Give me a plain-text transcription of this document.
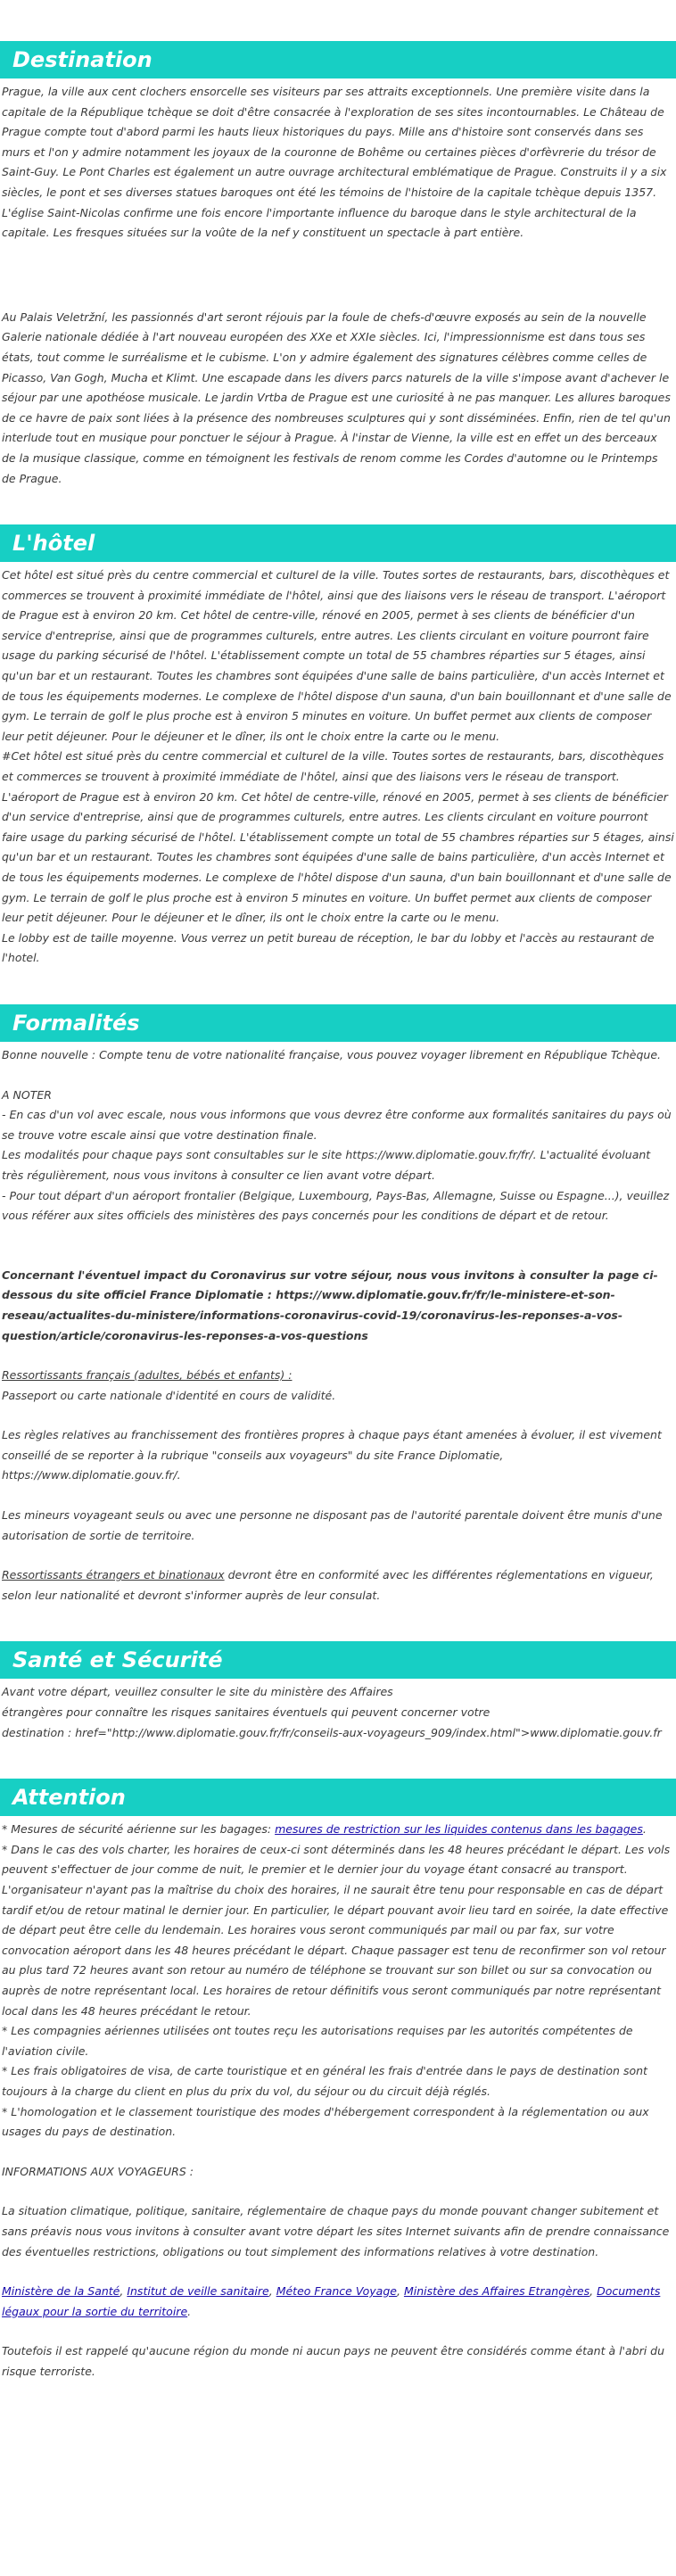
Destination

Prague, la ville aux cent clochers ensorcelle ses visiteurs par ses attraits exceptionnels. Une première visite dans la capitale de la République tchèque se doit d'être consacrée à l'exploration de ses sites incontournables. Le Château de Prague compte tout d'abord parmi les hauts lieux historiques du pays. Mille ans d'histoire sont conservés dans ses murs et l'on y admire notamment les joyaux de la couronne de Bohême ou certaines pièces d'orfèvrerie du trésor de Saint-Guy. Le Pont Charles est également un autre ouvrage architectural emblématique de Prague. Construits il y a six siècles, le pont et ses diverses statues baroques ont été les témoins de l'histoire de la capitale tchèque depuis 1357. L'église Saint-Nicolas confirme une fois encore l'importante influence du baroque dans le style architectural de la capitale. Les fresques situées sur la voûte de la nef y constituent un spectacle à part entière.

Au Palais Veletržní, les passionnés d'art seront réjouis par la foule de chefs-d'œuvre exposés au sein de la nouvelle Galerie nationale dédiée à l'art nouveau européen des XXe et XXIe siècles. Ici, l'impressionnisme est dans tous ses états, tout comme le surréalisme et le cubisme. L'on y admire également des signatures célèbres comme celles de Picasso, Van Gogh, Mucha et Klimt. Une escapade dans les divers parcs naturels de la ville s'impose avant d'achever le séjour par une apothéose musicale. Le jardin Vrtba de Prague est une curiosité à ne pas manquer. Les allures baroques de ce havre de paix sont liées à la présence des nombreuses sculptures qui y sont disséminées. Enfin, rien de tel qu'un interlude tout en musique pour ponctuer le séjour à Prague. À l'instar de Vienne, la ville est en effet un des berceaux de la musique classique, comme en témoignent les festivals de renom comme les Cordes d'automne ou le Printemps de Prague.

L'hôtel

Cet hôtel est situé près du centre commercial et culturel de la ville. Toutes sortes de restaurants, bars, discothèques et commerces se trouvent à proximité immédiate de l'hôtel, ainsi que des liaisons vers le réseau de transport. L'aéroport de Prague est à environ 20 km. Cet hôtel de centre-ville, rénové en 2005, permet à ses clients de bénéficier d'un service d'entreprise, ainsi que de programmes culturels, entre autres. Les clients circulant en voiture pourront faire usage du parking sécurisé de l'hôtel. L'établissement compte un total de 55 chambres réparties sur 5 étages, ainsi qu'un bar et un restaurant. Toutes les chambres sont équipées d'une salle de bains particulière, d'un accès Internet et de tous les équipements modernes. Le complexe de l'hôtel dispose d'un sauna, d'un bain bouillonnant et d'une salle de gym. Le terrain de golf le plus proche est à environ 5 minutes en voiture. Un buffet permet aux clients de composer leur petit déjeuner. Pour le déjeuner et le dîner, ils ont le choix entre la carte ou le menu.

#Cet hôtel est situé près du centre commercial et culturel de la ville. Toutes sortes de restaurants, bars, discothèques et commerces se trouvent à proximité immédiate de l'hôtel, ainsi que des liaisons vers le réseau de transport. L'aéroport de Prague est à environ 20 km. Cet hôtel de centre-ville, rénové en 2005, permet à ses clients de bénéficier d'un service d'entreprise, ainsi que de programmes culturels, entre autres. Les clients circulant en voiture pourront faire usage du parking sécurisé de l'hôtel. L'établissement compte un total de 55 chambres réparties sur 5 étages, ainsi qu'un bar et un restaurant. Toutes les chambres sont équipées d'une salle de bains particulière, d'un accès Internet et de tous les équipements modernes. Le complexe de l'hôtel dispose d'un sauna, d'un bain bouillonnant et d'une salle de gym. Le terrain de golf le plus proche est à environ 5 minutes en voiture. Un buffet permet aux clients de composer leur petit déjeuner. Pour le déjeuner et le dîner, ils ont le choix entre la carte ou le menu.

Le lobby est de taille moyenne. Vous verrez un petit bureau de réception, le bar du lobby et l'accès au restaurant de l'hotel.

Formalités

Bonne nouvelle : Compte tenu de votre nationalité française, vous pouvez voyager librement en République Tchèque.

A NOTER

- En cas d'un vol avec escale, nous vous informons que vous devrez être conforme aux formalités sanitaires du pays où se trouve votre escale ainsi que votre destination finale.

Les modalités pour chaque pays sont consultables sur le site https://www.diplomatie.gouv.fr/fr/. L'actualité évoluant très régulièrement, nous vous invitons à consulter ce lien avant votre départ.

- Pour tout départ d'un aéroport frontalier (Belgique, Luxembourg, Pays-Bas, Allemagne, Suisse ou Espagne...), veuillez vous référer aux sites officiels des ministères des pays concernés pour les conditions de départ et de retour.

Concernant l'éventuel impact du Coronavirus sur votre séjour, nous vous invitons à consulter la page ci-dessous du site officiel France Diplomatie : https://www.diplomatie.gouv.fr/fr/le-ministere-et-son-reseau/actualites-du-ministere/informations-coronavirus-covid-19/coronavirus-les-reponses-a-vos-question/article/coronavirus-les-reponses-a-vos-questions

Ressortissants français (adultes, bébés et enfants) :

Passeport ou carte nationale d'identité en cours de validité.

Les règles relatives au franchissement des frontières propres à chaque pays étant amenées à évoluer, il est vivement conseillé de se reporter à la rubrique "conseils aux voyageurs" du site France Diplomatie, https://www.diplomatie.gouv.fr/.

Les mineurs voyageant seuls ou avec une personne ne disposant pas de l'autorité parentale doivent être munis d'une autorisation de sortie de territoire.

Ressortissants étrangers et binationaux devront être en conformité avec les différentes réglementations en vigueur, selon leur nationalité et devront s'informer auprès de leur consulat.

Santé et Sécurité

Avant votre départ, veuillez consulter le site du ministère des Affaires

étrangères pour connaître les risques sanitaires éventuels qui peuvent concerner votre

destination : href="http://www.diplomatie.gouv.fr/fr/conseils-aux-voyageurs_909/index.html">www.diplomatie.gouv.fr

Attention

* Mesures de sécurité aérienne sur les bagages: mesures de restriction sur les liquides contenus dans les bagages.

* Dans le cas des vols charter, les horaires de ceux-ci sont déterminés dans les 48 heures précédant le départ. Les vols peuvent s'effectuer de jour comme de nuit, le premier et le dernier jour du voyage étant consacré au transport. L'organisateur n'ayant pas la maîtrise du choix des horaires, il ne saurait être tenu pour responsable en cas de départ tardif et/ou de retour matinal le dernier jour. En particulier, le départ pouvant avoir lieu tard en soirée, la date effective de départ peut être celle du lendemain. Les horaires vous seront communiqués par mail ou par fax, sur votre convocation aéroport dans les 48 heures précédant le départ. Chaque passager est tenu de reconfirmer son vol retour au plus tard 72 heures avant son retour au numéro de téléphone se trouvant sur son billet ou sur sa convocation ou auprès de notre représentant local. Les horaires de retour définitifs vous seront communiqués par notre représentant local dans les 48 heures précédant le retour.

* Les compagnies aériennes utilisées ont toutes reçu les autorisations requises par les autorités compétentes de l'aviation civile.

* Les frais obligatoires de visa, de carte touristique et en général les frais d'entrée dans le pays de destination sont toujours à la charge du client en plus du prix du vol, du séjour ou du circuit déjà réglés.

* L'homologation et le classement touristique des modes d'hébergement correspondent à la réglementation ou aux usages du pays de destination.

INFORMATIONS AUX VOYAGEURS :

La situation climatique, politique, sanitaire, réglementaire de chaque pays du monde pouvant changer subitement et sans préavis nous vous invitons à consulter avant votre départ les sites Internet suivants afin de prendre connaissance des éventuelles restrictions, obligations ou tout simplement des informations relatives à votre destination.

Ministère de la Santé, Institut de veille sanitaire, Méteo France Voyage, Ministère des Affaires Etrangères, Documents légaux pour la sortie du territoire.

Toutefois il est rappelé qu'aucune région du monde ni aucun pays ne peuvent être considérés comme étant à l'abri du risque terroriste.
